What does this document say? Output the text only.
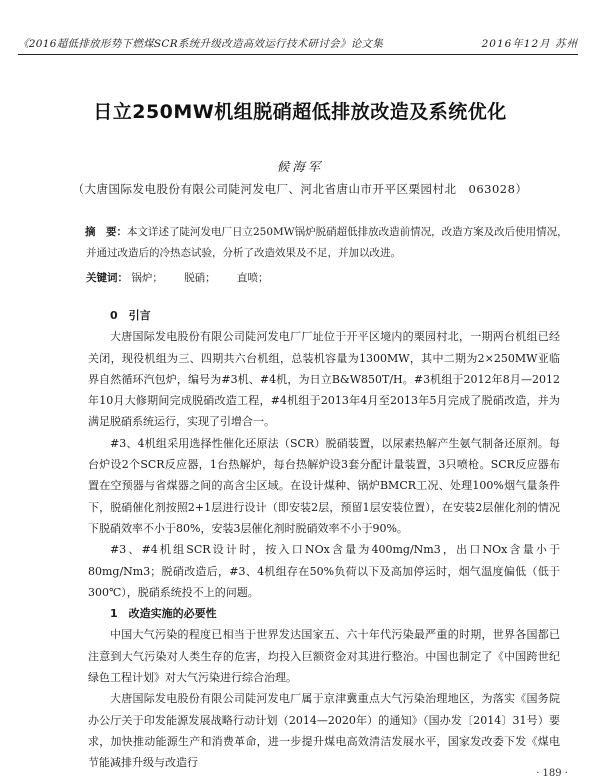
《2016超低排放形势下燃煤SCR系统升级改造高效运行技术研讨会》论文集	2016年12月 苏州
日立250MW机组脱硝超低排放改造及系统优化
候海军
（大唐国际发电股份有限公司陡河发电厂、河北省唐山市开平区栗园村北　063028）
摘　要：本文详述了陡河发电厂日立250MW锅炉脱硝超低排放改造前情况，改造方案及改后使用情况，并通过改造后的冷热态试验，分析了改造效果及不足，并加以改进。
关键词： 锅炉； 脱硝； 直喷；
0　引言

大唐国际发电股份有限公司陡河发电厂厂址位于开平区境内的栗园村北，一期两台机组已经关闭，现役机组为三、四期共六台机组，总装机容量为1300MW，其中二期为2×250MW亚临界自然循环汽包炉，编号为#3机、#4机，为日立B&W850T/H。#3机组于2012年8月—2012年10月大修期间完成脱硝改造工程，#4机组于2013年4月至2013年5月完成了脱硝改造，并为满足脱硝系统运行，实现了引增合一。

#3、4机组采用选择性催化还原法（SCR）脱硝装置，以尿素热解产生氨气制备还原剂。每台炉设2个SCR反应器，1台热解炉，每台热解炉设3套分配计量装置，3只喷枪。SCR反应器布置在空预器与省煤器之间的高含尘区域。在设计煤种、锅炉BMCR工况、处理100%烟气量条件下，脱硝催化剂按照2+1层进行设计（即安装2层，预留1层安装位置），在安装2层催化剂的情况下脱硝效率不小于80%，安装3层催化剂时脱硝效率不小于90%。

#3、#4机组SCR设计时，按入口NOx含量为400mg/Nm3，出口NOx含量小于80mg/Nm3；脱硝改造后，#3、4机组存在50%负荷以下及高加停运时，烟气温度偏低（低于300℃），脱硝系统投不上的问题。

1　改造实施的必要性

中国大气污染的程度已相当于世界发达国家五、六十年代污染最严重的时期，世界各国都已注意到大气污染对人类生存的危害，均投入巨额资金对其进行整治。中国也制定了《中国跨世纪绿色工程计划》对大气污染进行综合治理。

大唐国际发电股份有限公司陡河发电厂属于京津冀重点大气污染治理地区，为落实《国务院办公厅关于印发能源发展战略行动计划（2014—2020年）的通知》（国办发〔2014〕31号）要求，加快推动能源生产和消费革命，进一步提升煤电高效清洁发展水平，国家发改委下发《煤电节能减排升级与改造行

· 189 ·
